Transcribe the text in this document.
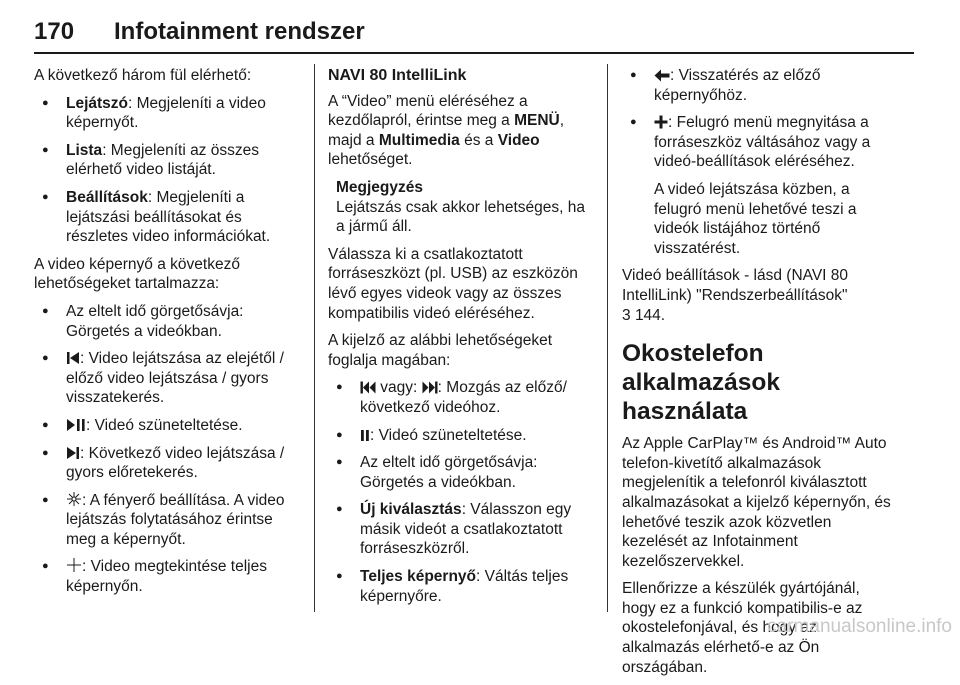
170 Infotainment rendszer

A következő három fül elérhető:

● Lejátszó: Megjeleníti a video képernyőt.
● Lista: Megjeleníti az összes elérhető video listáját.
● Beállítások: Megjeleníti a lejátszási beállításokat és részletes video információkat.

A video képernyő a következő lehetőségeket tartalmazza:

● Az eltelt idő görgetősávja: Görgetés a videókban.
● : Video lejátszása az elejétől / előző video lejátszása / gyors visszatekerés.
● : Videó szüneteltetése.
● : Következő video lejátszása / gyors előretekerés.
● : A fényerő beállítása. A video lejátszás folytatásához érintse meg a képernyőt.
● : Video megtekintése teljes képernyőn.
NAVI 80 IntelliLink

A “Video” menü eléréséhez a kezdőlapról, érintse meg a MENÜ, majd a Multimedia és a Video lehetőséget.

Megjegyzés
Lejátszás csak akkor lehetséges, ha a jármű áll.

Válassza ki a csatlakoztatott forráseszközt (pl. USB) az eszközön lévő egyes videok vagy az összes kompatibilis videó eléréséhez.

A kijelző az alábbi lehetőségeket foglalja magában:

● vagy: : Mozgás az előző/ következő videóhoz.
● : Videó szüneteltetése.
● Az eltelt idő görgetősávja: Görgetés a videókban.
● Új kiválasztás: Válasszon egy másik videót a csatlakoztatott forráseszközről.
● Teljes képernyő: Váltás teljes képernyőre.
● : Visszatérés az előző képernyőhöz.
● : Felugró menü megnyitása a forráseszköz váltásához vagy a videó-beállítások eléréséhez.
A videó lejátszása közben, a felugró menü lehetővé teszi a videók listájához történő visszatérést.

Videó beállítások - lásd (NAVI 80 IntelliLink) "Rendszerbeállítások"
3 144.

Okostelefon alkalmazások használata

Az Apple CarPlay™ és Android™ Auto telefon-kivetítő alkalmazások megjelenítik a telefonról kiválasztott alkalmazásokat a kijelző képernyőn, és lehetővé teszik azok közvetlen kezelését az Infotainment kezelőszervekkel.

Ellenőrizze a készülék gyártójánál, hogy ez a funkció kompatibilis-e az okostelefonjával, és hogy az alkalmazás elérhető-e az Ön országában.

carmanualsonline.info
